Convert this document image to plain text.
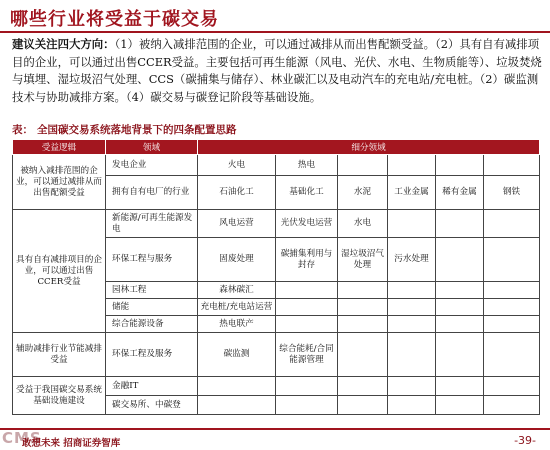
哪些行业将受益于碳交易
建议关注四大方向：（1）被纳入减排范围的企业，可以通过减排从而出售配额受益。（2）具有自有减排项目的企业，可以通过出售CCER受益。主要包括可再生能源（风电、光伏、水电、生物质能等）、垃圾焚烧与填埋、湿垃圾沼气处理、CCS（碳捕集与储存）、林业碳汇以及电动汽车的充电站/充电桩。（2）碳监测技术与协助减排方案。（4）碳交易与碳登记阶段等基础设施。
表： 全国碳交易系统落地背景下的四条配置思路
受益逻辑	领域	细分领域					
被纳入减排范围的企业，可以通过减排从而出售配额受益	发电企业	火电	热电				
	拥有自有电厂的行业	石油化工	基础化工	水泥	工业金属	稀有金属	钢铁
具有自有减排项目的企业，可以通过出售CCER受益	新能源/可再生能源发电	风电运营	光伏发电运营	水电			
	环保工程与服务	固废处理	碳捕集利用与封存	湿垃圾沼气处理	污水处理		
	园林工程	森林碳汇					
	储能	充电桩/充电站运营					
	综合能源设备	热电联产					
辅助减排行业节能减排受益	环保工程及服务	碳监测	综合能耗/合同能源管理				
受益于我国碳交易系统基础设施建设	金融IT						
	碳交易所、中碳登						
CMS
敢想未来 招商证券智库	-39-
